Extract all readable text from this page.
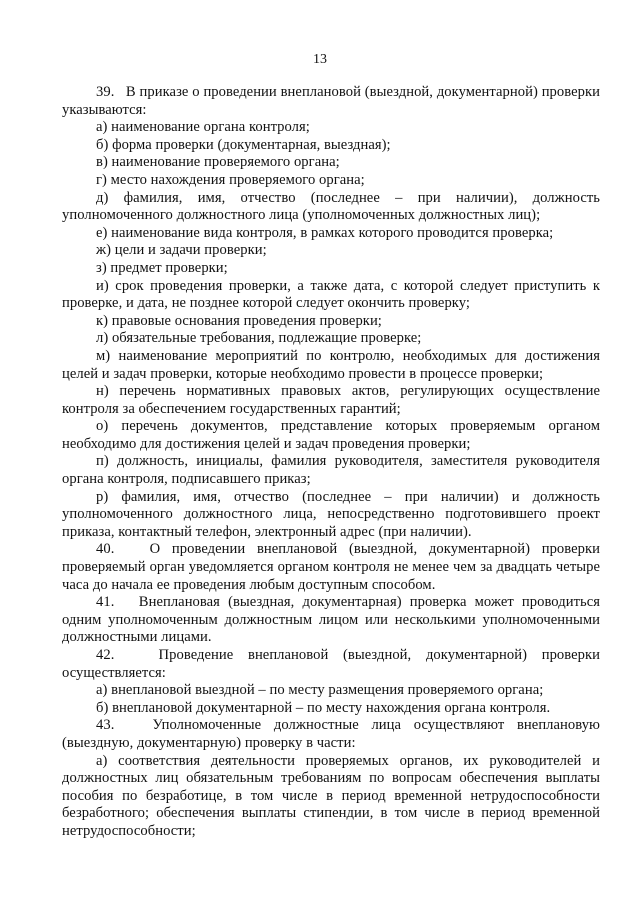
13

39.   В приказе о проведении внеплановой (выездной, документарной) проверки указываются:

а) наименование органа контроля;

б) форма проверки (документарная, выездная);

в) наименование проверяемого органа;

г) место нахождения проверяемого органа;

д) фамилия, имя, отчество (последнее – при наличии), должность уполномоченного должностного лица (уполномоченных должностных лиц);

е) наименование вида контроля, в рамках которого проводится проверка;

ж) цели и задачи проверки;

з) предмет проверки;

и) срок проведения проверки, а также дата, с которой следует приступить к проверке, и дата, не позднее которой следует окончить проверку;

к) правовые основания проведения проверки;

л) обязательные требования, подлежащие проверке;

м) наименование мероприятий по контролю, необходимых для достижения целей и задач проверки, которые необходимо провести в процессе проверки;

н) перечень нормативных правовых актов, регулирующих осуществление контроля за обеспечением государственных гарантий;

о) перечень документов, представление которых проверяемым органом необходимо для достижения целей и задач проведения проверки;

п) должность, инициалы, фамилия руководителя, заместителя руководителя органа контроля, подписавшего приказ;

р) фамилия, имя, отчество (последнее – при наличии) и должность уполномоченного должностного лица, непосредственно подготовившего проект приказа, контактный телефон, электронный адрес (при наличии).

40.   О проведении внеплановой (выездной, документарной) проверки проверяемый орган уведомляется органом контроля не менее чем за двадцать четыре часа до начала ее проведения любым доступным способом.

41.   Внеплановая (выездная, документарная) проверка может проводиться одним уполномоченным должностным лицом или несколькими уполномоченными должностными лицами.

42.   Проведение внеплановой (выездной, документарной) проверки осуществляется:

а) внеплановой выездной – по месту размещения проверяемого органа;

б) внеплановой документарной – по месту нахождения органа контроля.

43.   Уполномоченные должностные лица осуществляют внеплановую (выездную, документарную) проверку в части:

а) соответствия деятельности проверяемых органов, их руководителей и должностных лиц обязательным требованиям по вопросам обеспечения выплаты пособия по безработице, в том числе в период временной нетрудоспособности безработного; обеспечения выплаты стипендии, в том числе в период временной нетрудоспособности;
